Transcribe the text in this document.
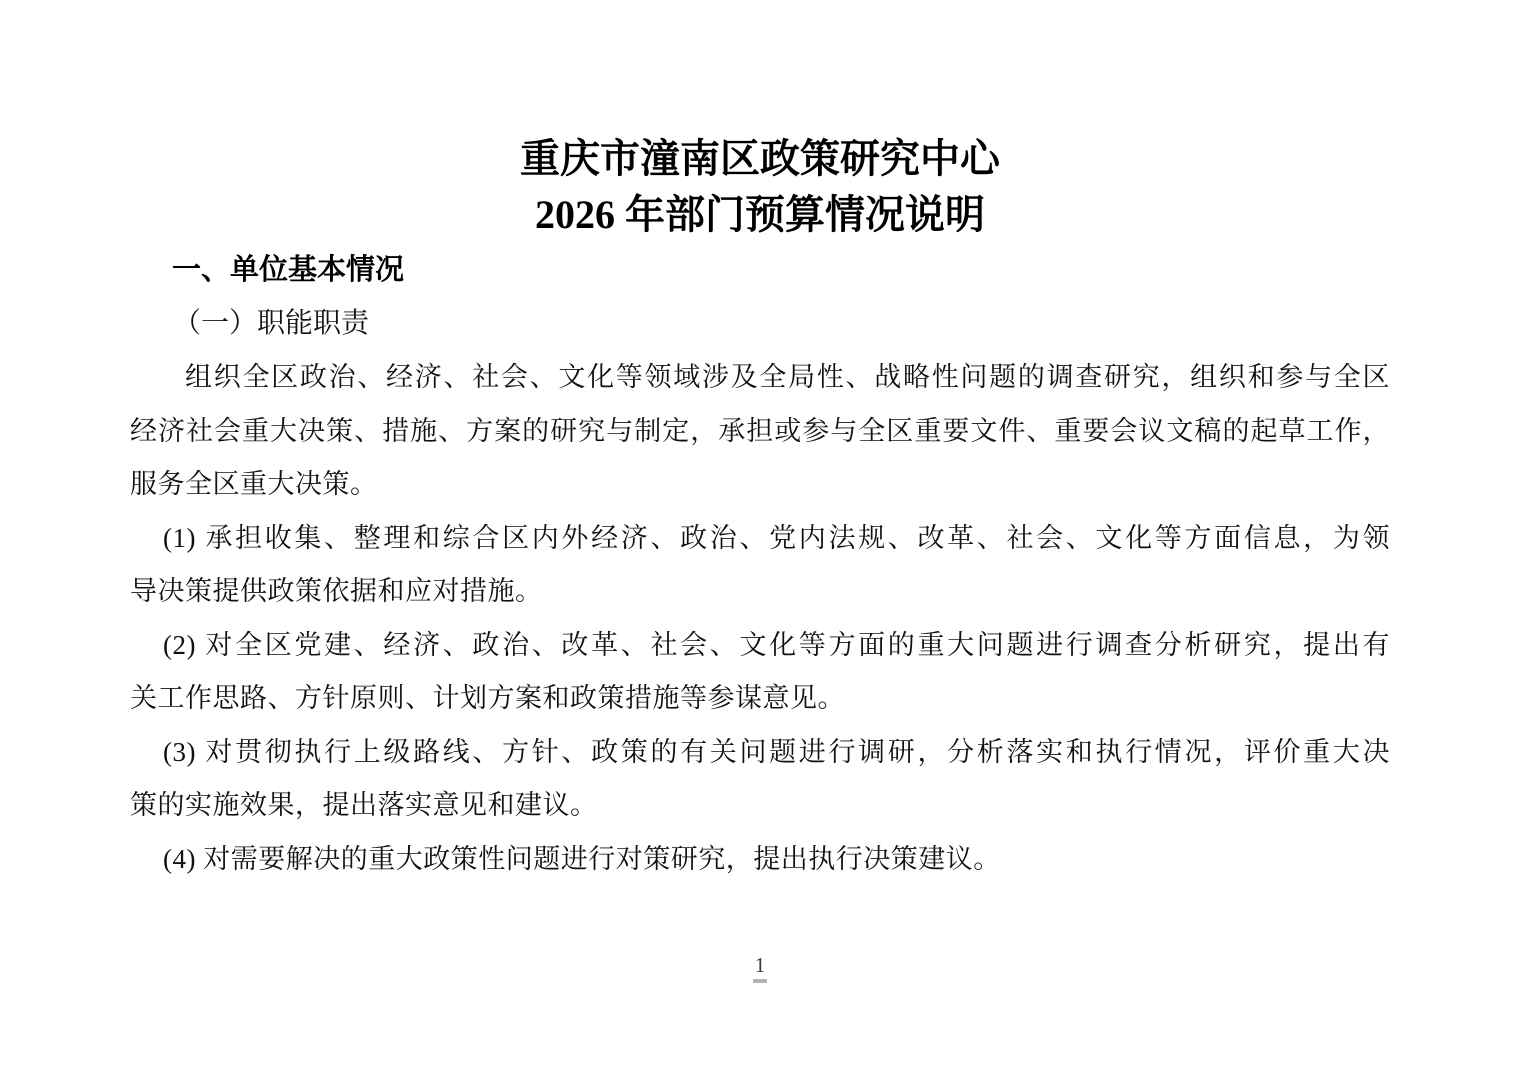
重庆市潼南区政策研究中心
2026 年部门预算情况说明
一、单位基本情况
（一）职能职责
组织全区政治、经济、社会、文化等领域涉及全局性、战略性问题的调查研究，组织和参与全区
经济社会重大决策、措施、方案的研究与制定，承担或参与全区重要文件、重要会议文稿的起草工作，
服务全区重大决策。
(1) 承担收集、整理和综合区内外经济、政治、党内法规、改革、社会、文化等方面信息，为领
导决策提供政策依据和应对措施。
(2) 对全区党建、经济、政治、改革、社会、文化等方面的重大问题进行调查分析研究，提出有
关工作思路、方针原则、计划方案和政策措施等参谋意见。
(3) 对贯彻执行上级路线、方针、政策的有关问题进行调研，分析落实和执行情况，评价重大决
策的实施效果，提出落实意见和建议。
(4) 对需要解决的重大政策性问题进行对策研究，提出执行决策建议。
1
